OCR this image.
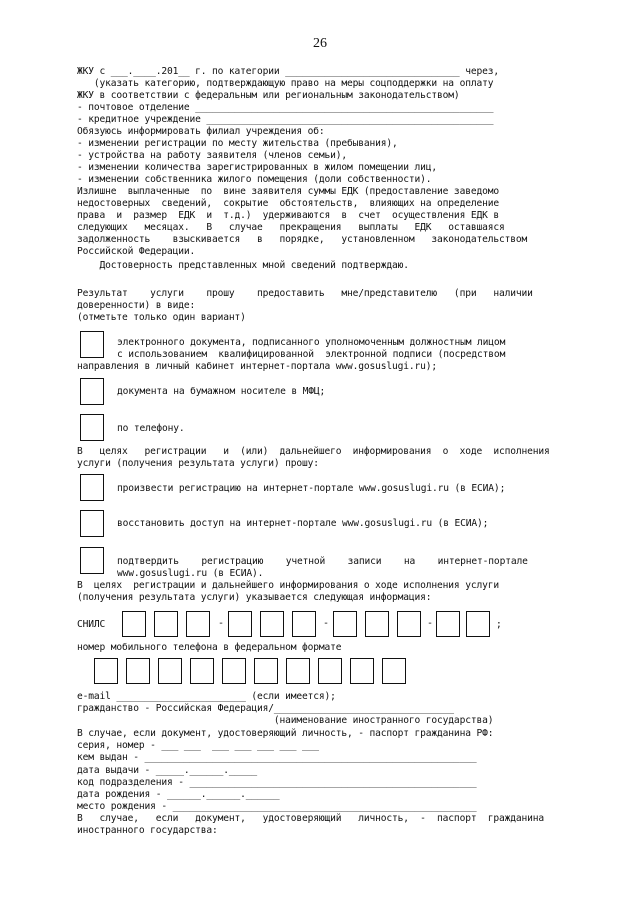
26
ЖКУ с ___.____.201__ г. по категории _______________________________ через,
(указать категорию, подтверждающую право на меры соцподдержки на оплату
ЖКУ в соответствии с федеральным или региональным законодательством)
- почтовое отделение _____________________________________________________
- кредитное учреждение ___________________________________________________
Обязуюсь информировать филиал учреждения об:
- изменении регистрации по месту жительства (пребывания),
- устройства на работу заявителя (членов семьи),
- изменении количества зарегистрированных в жилом помещении лиц,
- изменении собственника жилого помещения (доли собственности).
Излишне  выплаченные  по  вине заявителя суммы ЕДК (предоставление заведомо
недостоверных  сведений,  сокрытие  обстоятельств,  влияющих на определение
права  и  размер  ЕДК  и  т.д.)  удерживаются  в  счет  осуществления ЕДК в
следующих   месяцах.   В   случае   прекращения   выплаты   ЕДК   оставшаяся
задолженность    взыскивается   в   порядке,   установленном   законодательством
Российской Федерации.
Достоверность представленных мной сведений подтверждаю.
Результат    услуги    прошу    предоставить   мне/представителю   (при   наличии
доверенности) в виде:
(отметьте только один вариант)
электронного документа, подписанного уполномоченным должностным лицом
с использованием  квалифицированной  электронной подписи (посредством
направления в личный кабинет интернет-портала www.gosuslugi.ru);
документа на бумажном носителе в МФЦ;
по телефону.
В   целях   регистрации   и  (или)  дальнейшего  информирования  о  ходе  исполнения
услуги (получения результата услуги) прошу:
произвести регистрацию на интернет-портале www.gosuslugi.ru (в ЕСИА);
восстановить доступ на интернет-портале www.gosuslugi.ru (в ЕСИА);
подтвердить    регистрацию    учетной    записи    на    интернет-портале
www.gosuslugi.ru (в ЕСИА).
В  целях  регистрации и дальнейшего информирования о ходе исполнения услуги
(получения результата услуги) указывается следующая информация:
СНИЛС	-	-	-	;
номер мобильного телефона в федеральном формате
e-mail _______________________ (если имеется);
гражданство - Российская Федерация/________________________________
(наименование иностранного государства)
В случае, если документ, удостоверяющий личность, - паспорт гражданина РФ:
серия, номер - ___ ___  ___ ___ ___ ___ ___
кем выдан - ___________________________________________________________
дата выдачи - _____.______._____
код подразделения - ___________________________________________________
дата рождения - ______.______.______
место рождения - ______________________________________________________
В   случае,   если   документ,   удостоверяющий   личность,  -  паспорт  гражданина
иностранного государства:
